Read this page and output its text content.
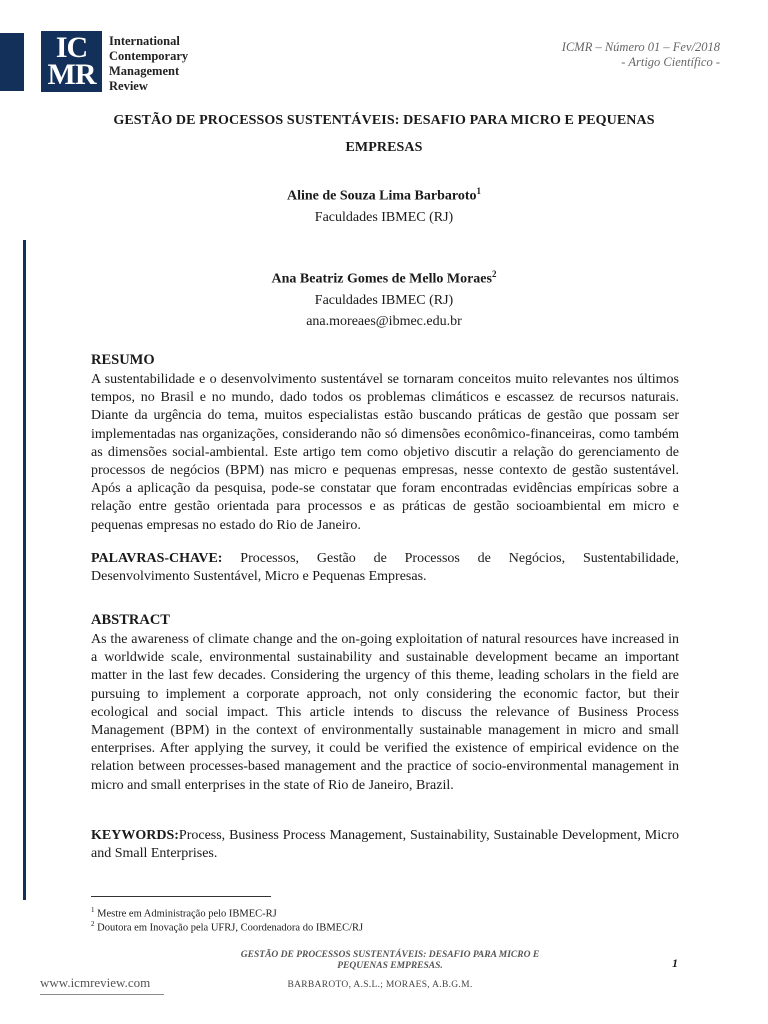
IC
MR
International
Contemporary
Management
Review
ICMR – Número 01 – Fev/2018
- Artigo Científico -
GESTÃO DE PROCESSOS SUSTENTÁVEIS: DESAFIO PARA MICRO E PEQUENAS
EMPRESAS
Aline de Souza Lima Barbaroto$^1$
Faculdades IBMEC (RJ)
Ana Beatriz Gomes de Mello Moraes$^2$
Faculdades IBMEC (RJ)
ana.moreaes@ibmec.edu.br
RESUMO
A sustentabilidade e o desenvolvimento sustentável se tornaram conceitos muito relevantes nos últimos tempos, no Brasil e no mundo, dado todos os problemas climáticos e escassez de recursos naturais. Diante da urgência do tema, muitos especialistas estão buscando práticas de gestão que possam ser implementadas nas organizações, considerando não só dimensões econômico-financeiras, como também as dimensões social-ambiental. Este artigo tem como objetivo discutir a relação do gerenciamento de processos de negócios (BPM) nas micro e pequenas empresas, nesse contexto de gestão sustentável. Após a aplicação da pesquisa, pode-se constatar que foram encontradas evidências empíricas sobre a relação entre gestão orientada para processos e as práticas de gestão socioambiental em micro e pequenas empresas no estado do Rio de Janeiro.
PALAVRAS-CHAVE: Processos, Gestão de Processos de Negócios, Sustentabilidade, Desenvolvimento Sustentável, Micro e Pequenas Empresas.
ABSTRACT
As the awareness of climate change and the on-going exploitation of natural resources have increased in a worldwide scale, environmental sustainability and sustainable development became an important matter in the last few decades. Considering the urgency of this theme, leading scholars in the field are pursuing to implement a corporate approach, not only considering the economic factor, but their ecological and social impact. This article intends to discuss the relevance of Business Process Management (BPM) in the context of environmentally sustainable management in micro and small enterprises. After applying the survey, it could be verified the existence of empirical evidence on the relation between processes-based management and the practice of socio-environmental management in micro and small enterprises in the state of Rio de Janeiro, Brazil.
KEYWORDS:Process, Business Process Management, Sustainability, Sustainable Development, Micro and Small Enterprises.
$^1$ Mestre em Administração pelo IBMEC-RJ
$^2$ Doutora em Inovação pela UFRJ, Coordenadora do IBMEC/RJ
GESTÃO DE PROCESSOS SUSTENTÁVEIS: DESAFIO PARA MICRO E
PEQUENAS EMPRESAS.	1
www.icmreview.com	BARBAROTO, A.S.L.; MORAES, A.B.G.M.
